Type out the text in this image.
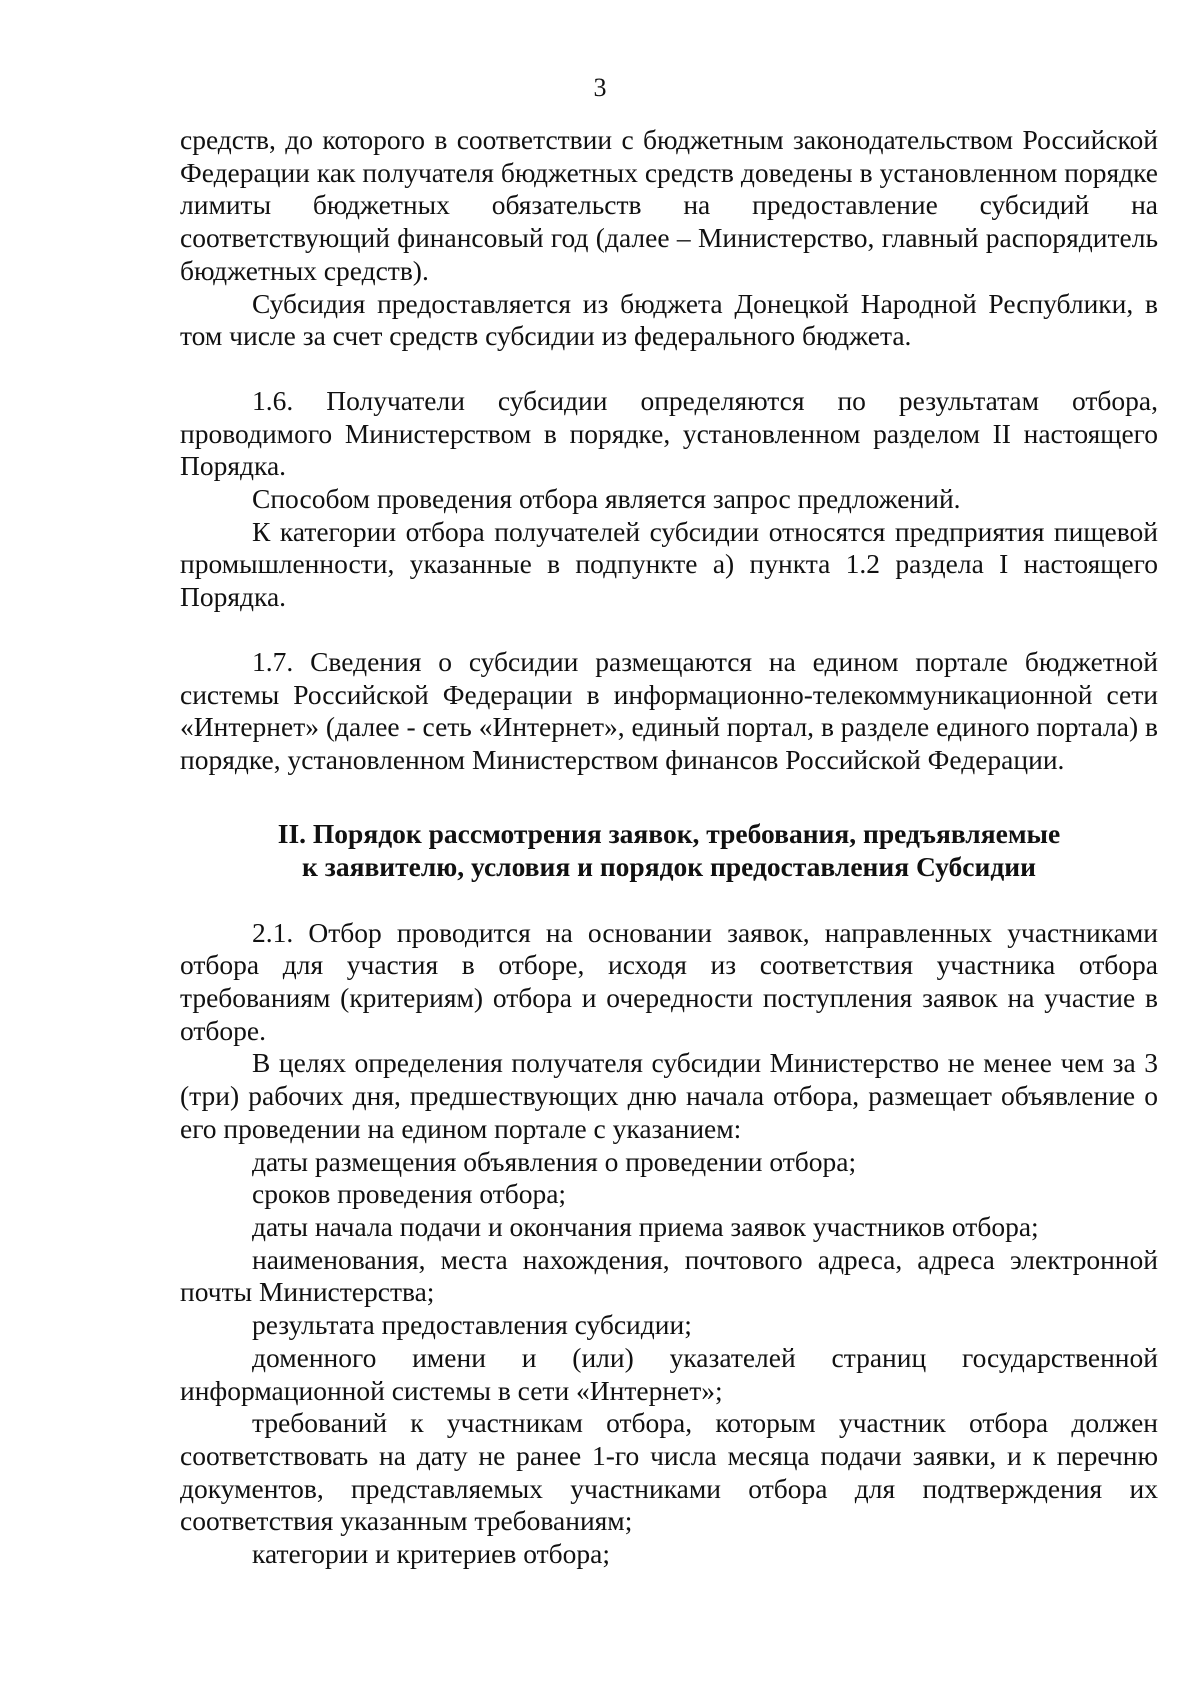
3

средств, до которого в соответствии с бюджетным законодательством Российской Федерации как получателя бюджетных средств доведены в установленном порядке лимиты бюджетных обязательств на предоставление субсидий на соответствующий финансовый год (далее – Министерство, главный распорядитель бюджетных средств).

Субсидия предоставляется из бюджета Донецкой Народной Республики, в том числе за счет средств субсидии из федерального бюджета.

1.6. Получатели субсидии определяются по результатам отбора, проводимого Министерством в порядке, установленном разделом II настоящего Порядка.

Способом проведения отбора является запрос предложений.

К категории отбора получателей субсидии относятся предприятия пищевой промышленности, указанные в подпункте а) пункта 1.2 раздела I настоящего Порядка.

1.7. Сведения о субсидии размещаются на едином портале бюджетной системы Российской Федерации в информационно-телекоммуникационной сети «Интернет» (далее - сеть «Интернет», единый портал, в разделе единого портала) в порядке, установленном Министерством финансов Российской Федерации.

II. Порядок рассмотрения заявок, требования, предъявляемые
к заявителю, условия и порядок предоставления Субсидии

2.1. Отбор проводится на основании заявок, направленных участниками отбора для участия в отборе, исходя из соответствия участника отбора требованиям (критериям) отбора и очередности поступления заявок на участие в отборе.

В целях определения получателя субсидии Министерство не менее чем за 3 (три) рабочих дня, предшествующих дню начала отбора, размещает объявление о его проведении на едином портале с указанием:

даты размещения объявления о проведении отбора;

сроков проведения отбора;

даты начала подачи и окончания приема заявок участников отбора;

наименования, места нахождения, почтового адреса, адреса электронной почты Министерства;

результата предоставления субсидии;

доменного имени и (или) указателей страниц государственной информационной системы в сети «Интернет»;

требований к участникам отбора, которым участник отбора должен соответствовать на дату не ранее 1-го числа месяца подачи заявки, и к перечню документов, представляемых участниками отбора для подтверждения их соответствия указанным требованиям;

категории и критериев отбора;
